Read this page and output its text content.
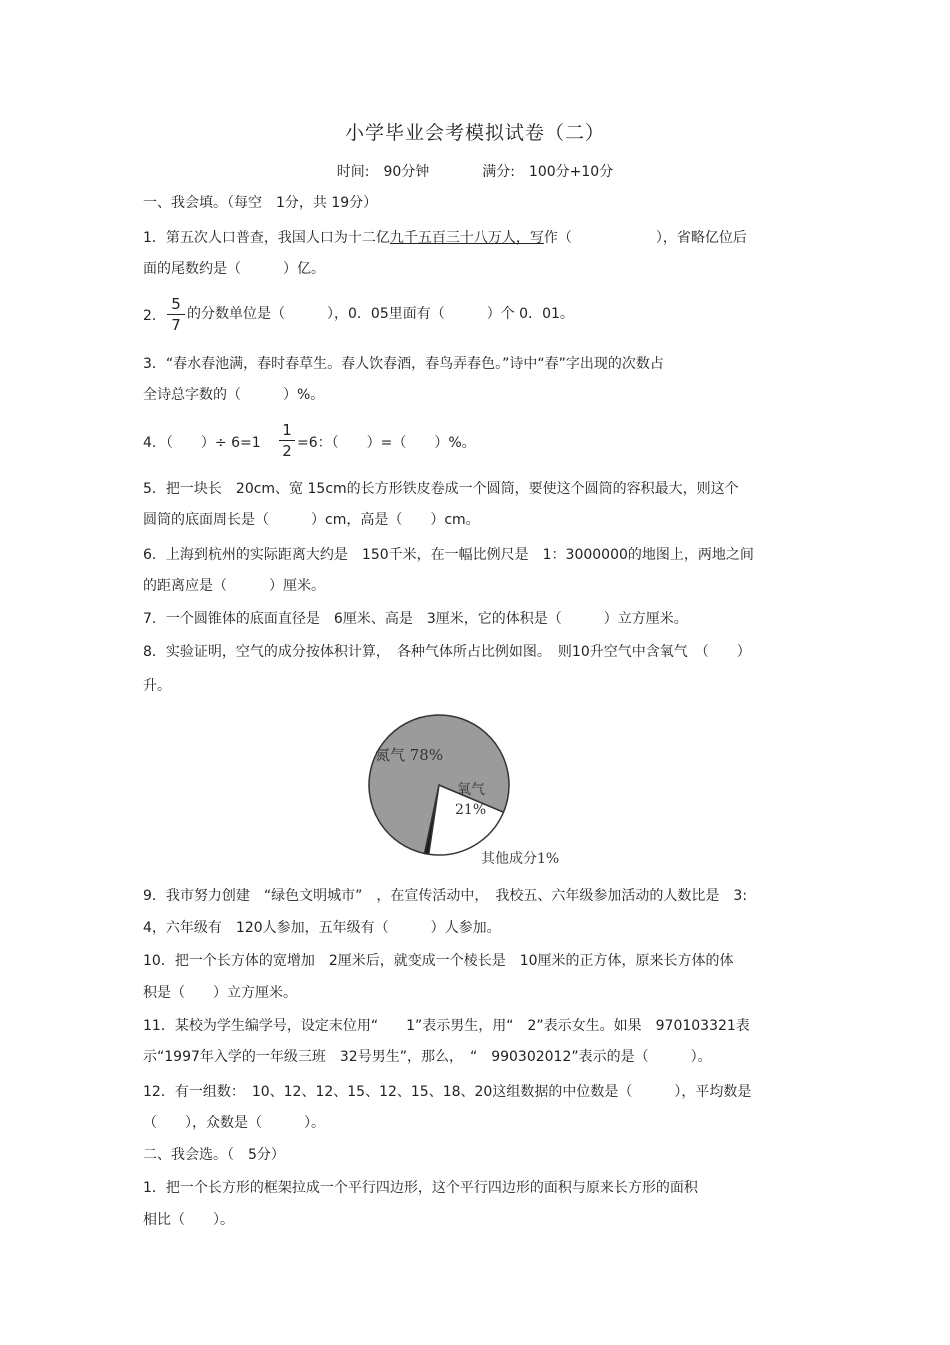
小学毕业会考模拟试卷（二）
时间:　90分钟	满分:　100分+10分
一、我会填。（每空　1分，共 19分）
1．第五次人口普查，我国人口为十二亿九千五百三十八万人，写作（　　　　　　），省略亿位后
面的尾数约是（　　　）亿。
2.
5
7
的分数单位是（　　　），0．05里面有（　　　）个 0．01。
3．“春水春池满，春时春草生。春人饮春酒，春鸟弄春色。”诗中“春”字出现的次数占
全诗总字数的（　　　）%。
4．（　　）÷ 6=1
1
2 =6：（　　）=（　　）%。
5．把一块长　20cm、宽 15cm的长方形铁皮卷成一个圆筒，要使这个圆筒的容积最大，则这个
圆筒的底面周长是（　　　）cm，高是（　　）cm。
6．上海到杭州的实际距离大约是　150千米，在一幅比例尺是　1：3000000的地图上，两地之间
的距离应是（　　　）厘米。
7．一个圆锥体的底面直径是　6厘米、高是　3厘米，它的体积是（　　　）立方厘米。
8．实验证明，空气的成分按体积计算，　各种气体所占比例如图。　则10升空气中含氧气　（　　）
升。
氮气 78%
氧气
21%
其他成分1%
9．我市努力创建　“绿色文明城市”　，在宣传活动中，　我校五、六年级参加活动的人数比是　3:
4，六年级有　120人参加，五年级有（　　　）人参加。
10．把一个长方体的宽增加　2厘米后，就变成一个棱长是　10厘米的正方体，原来长方体的体
积是（　　）立方厘米。
11．某校为学生编学号，设定末位用“　　1”表示男生，用“　2”表示女生。如果　970103321表
示“1997年入学的一年级三班　32号男生”，那么，　“　990302012”表示的是（　　　）。
12．有一组数：　10、12、12、15、12、15、18、20这组数据的中位数是（　　　），平均数是
（　　），众数是（　　　）。
二、我会选。（　5分）
1．把一个长方形的框架拉成一个平行四边形，这个平行四边形的面积与原来长方形的面积
相比（　　）。
